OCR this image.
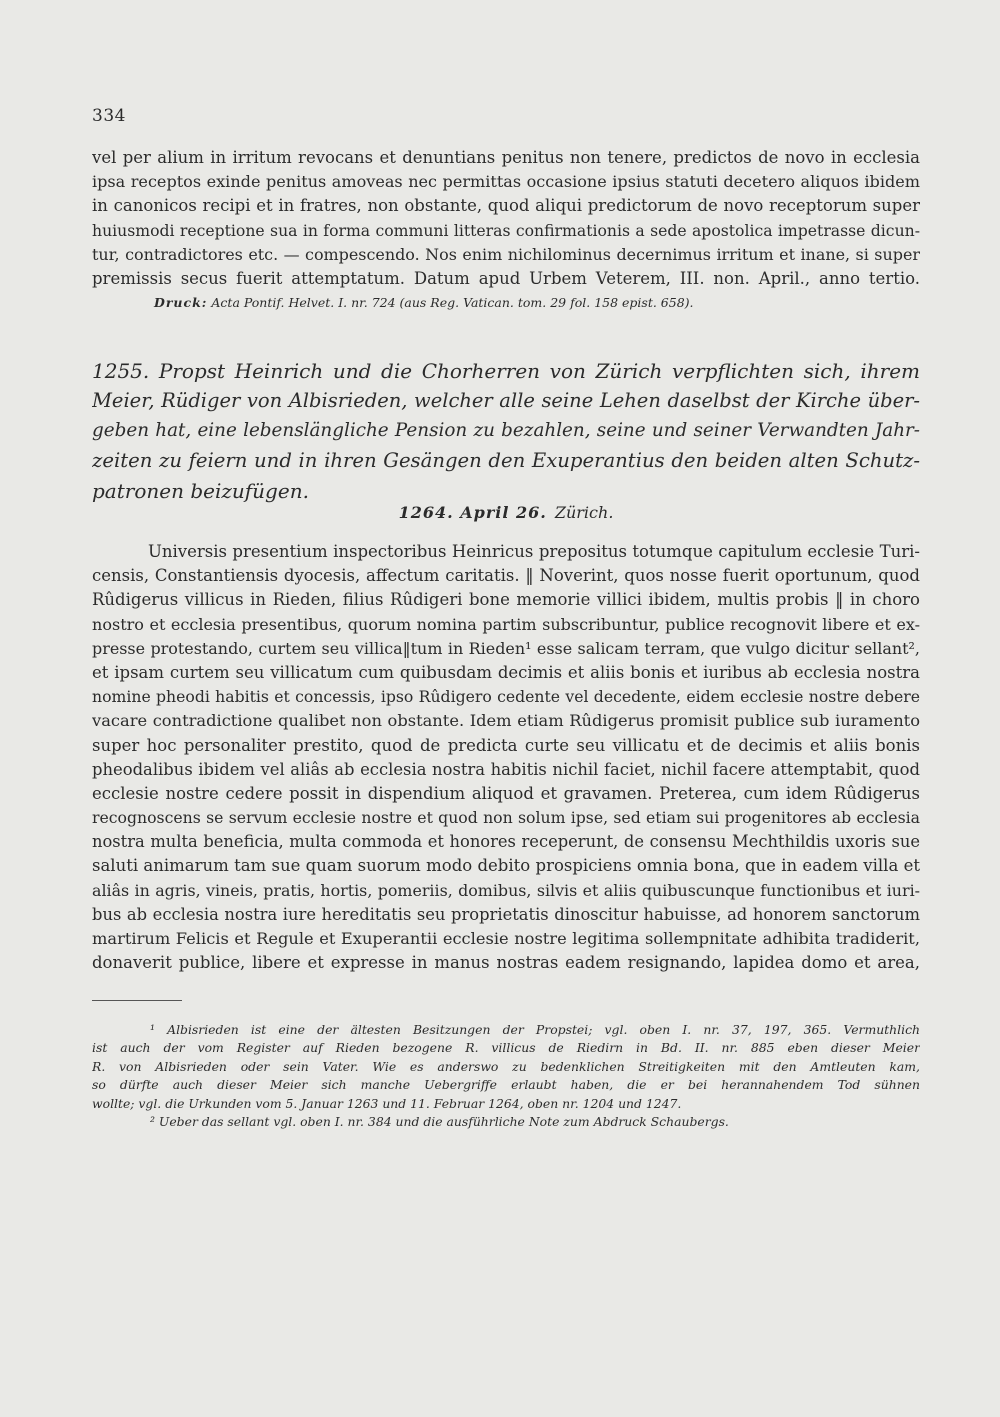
334
vel per alium in irritum revocans et denuntians penitus non tenere, predictos de novo in ecclesia
ipsa receptos exinde penitus amoveas nec permittas occasione ipsius statuti decetero aliquos ibidem
in canonicos recipi et in fratres, non obstante, quod aliqui predictorum de novo receptorum super
huiusmodi receptione sua in forma communi litteras confirmationis a sede apostolica impetrasse dicun-
tur, contradictores etc. — compescendo. Nos enim nichilominus decernimus irritum et inane, si super
premissis secus fuerit attemptatum. Datum apud Urbem Veterem, III. non. April., anno tertio.
Druck: Acta Pontif. Helvet. I. nr. 724 (aus Reg. Vatican. tom. 29 fol. 158 epist. 658).
1255. Propst Heinrich und die Chorherren von Zürich verpflichten sich, ihrem
Meier, Rüdiger von Albisrieden, welcher alle seine Lehen daselbst der Kirche über-
geben hat, eine lebenslängliche Pension zu bezahlen, seine und seiner Verwandten Jahr-
zeiten zu feiern und in ihren Gesängen den Exuperantius den beiden alten Schutz-
patronen beizufügen.
1264. April 26. Zürich.
Universis presentium inspectoribus Heinricus prepositus totumque capitulum ecclesie Turi-
censis, Constantiensis dyocesis, affectum caritatis. ‖ Noverint, quos nosse fuerit oportunum, quod
Rûdigerus villicus in Rieden, filius Rûdigeri bone memorie villici ibidem, multis probis ‖ in choro
nostro et ecclesia presentibus, quorum nomina partim subscribuntur, publice recognovit libere et ex-
presse protestando, curtem seu villica‖tum in Rieden¹ esse salicam terram, que vulgo dicitur sellant²,
et ipsam curtem seu villicatum cum quibusdam decimis et aliis bonis et iuribus ab ecclesia nostra
nomine pheodi habitis et concessis, ipso Rûdigero cedente vel decedente, eidem ecclesie nostre debere
vacare contradictione qualibet non obstante. Idem etiam Rûdigerus promisit publice sub iuramento
super hoc personaliter prestito, quod de predicta curte seu villicatu et de decimis et aliis bonis
pheodalibus ibidem vel aliâs ab ecclesia nostra habitis nichil faciet, nichil facere attemptabit, quod
ecclesie nostre cedere possit in dispendium aliquod et gravamen. Preterea, cum idem Rûdigerus
recognoscens se servum ecclesie nostre et quod non solum ipse, sed etiam sui progenitores ab ecclesia
nostra multa beneficia, multa commoda et honores receperunt, de consensu Mechthildis uxoris sue
saluti animarum tam sue quam suorum modo debito prospiciens omnia bona, que in eadem villa et
aliâs in agris, vineis, pratis, hortis, pomeriis, domibus, silvis et aliis quibuscunque functionibus et iuri-
bus ab ecclesia nostra iure hereditatis seu proprietatis dinoscitur habuisse, ad honorem sanctorum
martirum Felicis et Regule et Exuperantii ecclesie nostre legitima sollempnitate adhibita tradiderit,
donaverit publice, libere et expresse in manus nostras eadem resignando, lapidea domo et area,
¹ Albisrieden ist eine der ältesten Besitzungen der Propstei; vgl. oben I. nr. 37, 197, 365. Vermuthlich
ist auch der vom Register auf Rieden bezogene R. villicus de Riedirn in Bd. II. nr. 885 eben dieser Meier
R. von Albisrieden oder sein Vater. Wie es anderswo zu bedenklichen Streitigkeiten mit den Amtleuten kam,
so dürfte auch dieser Meier sich manche Uebergriffe erlaubt haben, die er bei herannahendem Tod sühnen
wollte; vgl. die Urkunden vom 5. Januar 1263 und 11. Februar 1264, oben nr. 1204 und 1247.
² Ueber das sellant vgl. oben I. nr. 384 und die ausführliche Note zum Abdruck Schaubergs.
